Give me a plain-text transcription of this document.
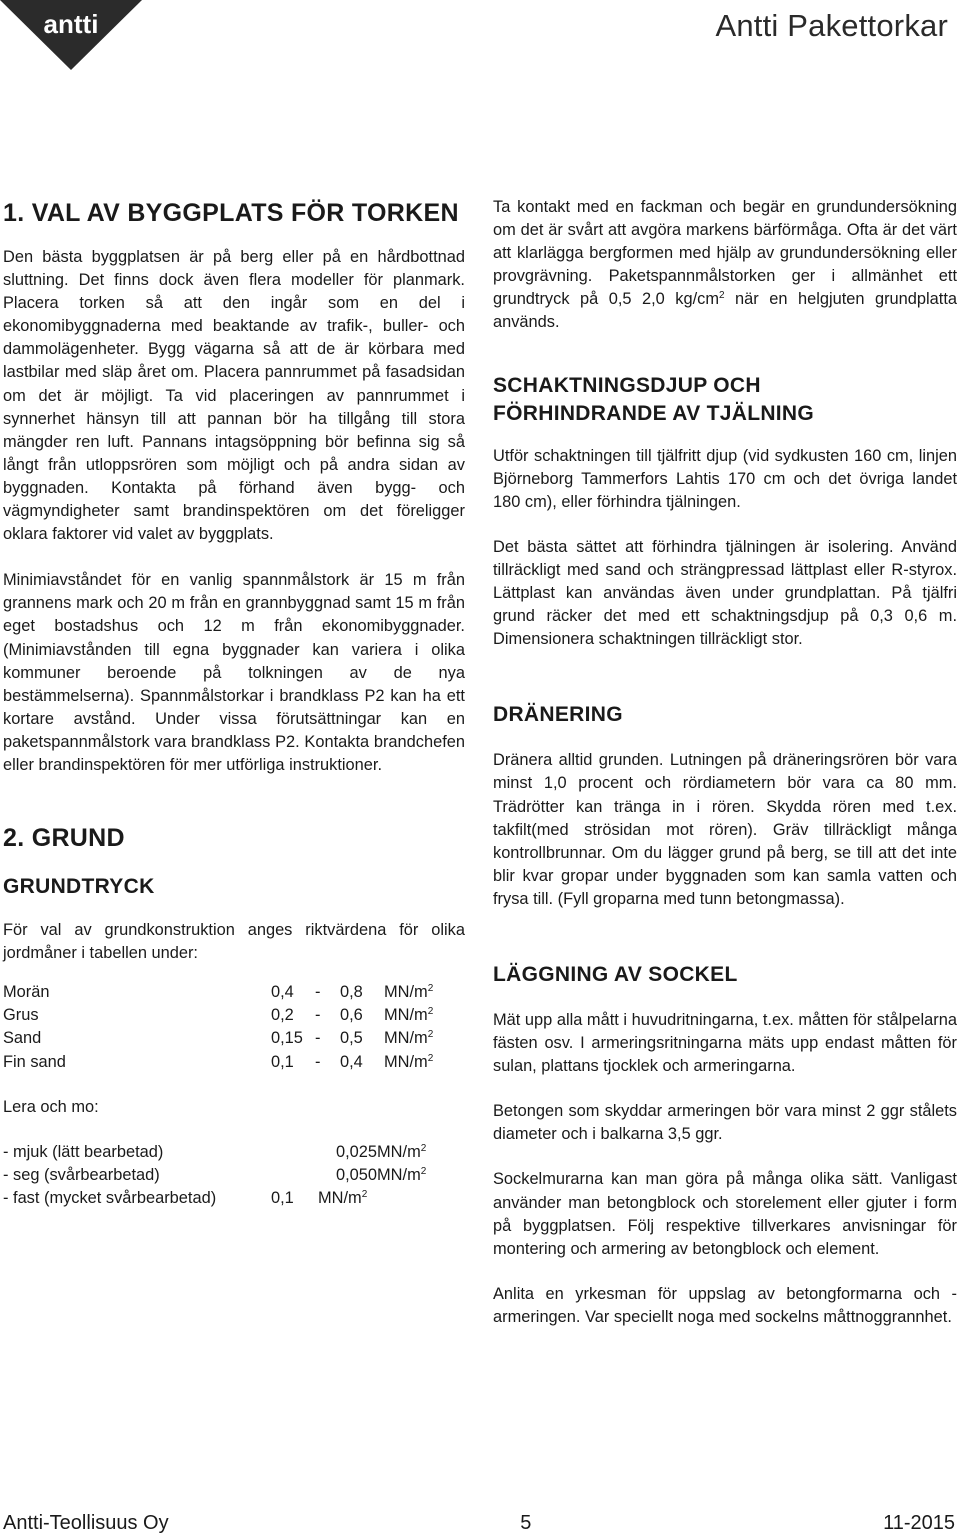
antti	Antti Pakettorkar
1. VAL AV BYGGPLATS FÖR TORKEN

Den bästa byggplatsen är på berg eller på en hårdbottnad sluttning. Det finns dock även flera modeller för planmark. Placera torken så att den ingår som en del i ekonomibyggnaderna med beaktande av trafik-, buller- och dammolägenheter. Bygg vägarna så att de är körbara med lastbilar med släp året om. Placera pannrummet på fasadsidan om det är möjligt. Ta vid placeringen av pannrummet i synnerhet hänsyn till att pannan bör ha tillgång till stora mängder ren luft. Pannans intagsöppning bör befinna sig så långt från utloppsrören som möjligt och på andra sidan av byggnaden. Kontakta på förhand även bygg- och vägmyndigheter samt brandinspektören om det föreligger oklara faktorer vid valet av byggplats.

Minimiavståndet för en vanlig spannmålstork är 15 m från grannens mark och 20 m från en grannbyggnad samt 15 m från eget bostadshus och 12 m från ekonomibyggnader. (Minimiavstånden till egna byggnader kan variera i olika kommuner beroende på tolkningen av de nya bestämmelserna). Spannmålstorkar i brandklass P2 kan ha ett kortare avstånd. Under vissa förutsättningar kan en paketspannmålstork vara brandklass P2. Kontakta brandchefen eller brandinspektören för mer utförliga instruktioner.

2. GRUND
GRUNDTRYCK

För val av grundkonstruktion anges riktvärdena för olika jordmåner i tabellen under:

Morän	0,4	-	0,8	$MN/m^2$
Grus	0,2	-	0,6	$MN/m^2$
Sand	0,15	-	0,5	$MN/m^2$
Fin sand	0,1	-	0,4	$MN/m^2$

Lera och mo:

- mjuk (lätt bearbetad)	$0,025MN/m^2$
- seg (svårbearbetad)	$0,050MN/m^2$
- fast (mycket svårbearbetad)	0,1	$MN/m^2$

Ta kontakt med en fackman och begär en grundundersökning om det är svårt att avgöra markens bärförmåga. Ofta är det värt att klarlägga bergformen med hjälp av grundundersökning eller provgrävning. Paketspannmålstorken ger i allmänhet ett grundtryck på 0,5 2,0 $kg/cm^2$ när en helgjuten grundplatta används.

SCHAKTNINGSDJUP OCH
FÖRHINDRANDE AV TJÄLNING

Utför schaktningen till tjälfritt djup (vid sydkusten 160 cm, linjen Björneborg Tammerfors Lahtis 170 cm och det övriga landet 180 cm), eller förhindra tjälningen.

Det bästa sättet att förhindra tjälningen är isolering. Använd tillräckligt med sand och strängpressad lättplast eller R-styrox. Lättplast kan användas även under grundplattan. På tjälfri grund räcker det med ett schaktningsdjup på 0,3 0,6 m. Dimensionera schaktningen tillräckligt stor.

DRÄNERING

Dränera alltid grunden. Lutningen på dräneringsrören bör vara minst 1,0 procent och rördiametern bör vara ca 80 mm. Trädrötter kan tränga in i rören. Skydda rören med t.ex. takfilt(med strösidan mot rören). Gräv tillräckligt många kontrollbrunnar. Om du lägger grund på berg, se till att det inte blir kvar gropar under byggnaden som kan samla vatten och frysa till. (Fyll groparna med tunn betongmassa).

LÄGGNING AV SOCKEL

Mät upp alla mått i huvudritningarna, t.ex. måtten för stålpelarna fästen osv. I armeringsritningarna mäts upp endast måtten för sulan, plattans tjocklek och armeringarna.

Betongen som skyddar armeringen bör vara minst 2 ggr stålets diameter och i balkarna 3,5 ggr.

Sockelmurarna kan man göra på många olika sätt. Vanligast använder man betongblock och storelement eller gjuter i form på byggplatsen. Följ respektive tillverkares anvisningar för montering och armering av betongblock och element.

Anlita en yrkesman för uppslag av betongformarna och -armeringen. Var speciellt noga med sockelns måttnoggrannhet.

Antti-Teollisuus Oy	5	11-2015
